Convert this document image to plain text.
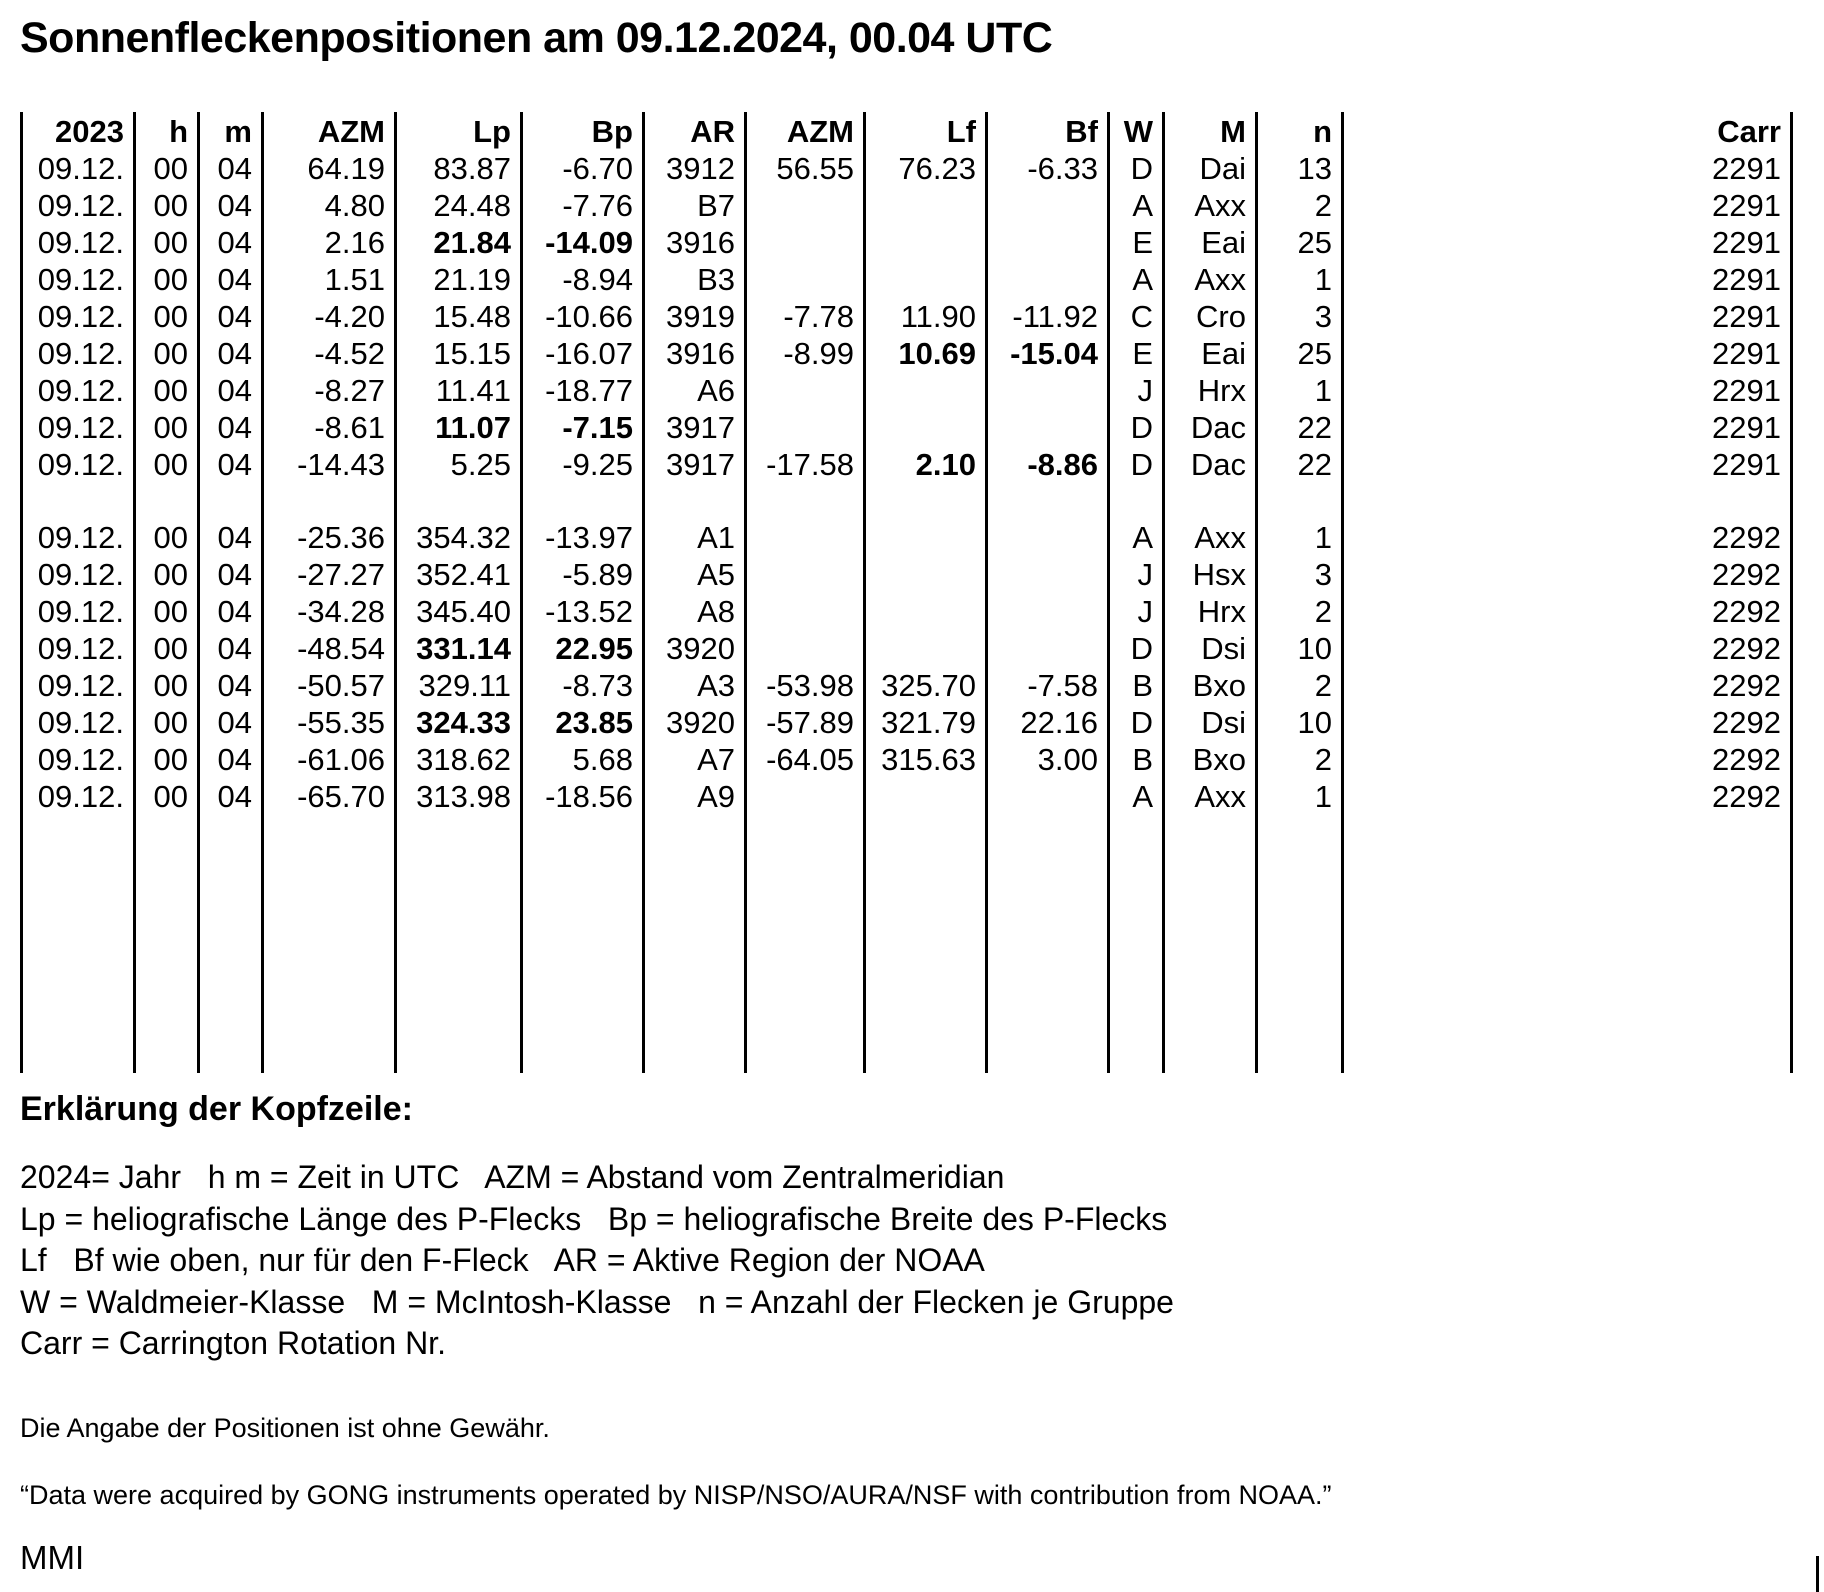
Sonnenfleckenpositionen am 09.12.2024, 00.04 UTC
2023	h	m	AZM	Lp	Bp	AR	AZM	Lf	Bf	W	M	n	Carr
09.12.	00	04	64.19	83.87	-6.70	3912	56.55	76.23	-6.33	D	Dai	13	2291
09.12.	00	04	4.80	24.48	-7.76	B7				A	Axx	2	2291
09.12.	00	04	2.16	21.84	-14.09	3916				E	Eai	25	2291
09.12.	00	04	1.51	21.19	-8.94	B3				A	Axx	1	2291
09.12.	00	04	-4.20	15.48	-10.66	3919	-7.78	11.90	-11.92	C	Cro	3	2291
09.12.	00	04	-4.52	15.15	-16.07	3916	-8.99	10.69	-15.04	E	Eai	25	2291
09.12.	00	04	-8.27	11.41	-18.77	A6				J	Hrx	1	2291
09.12.	00	04	-8.61	11.07	-7.15	3917				D	Dac	22	2291
09.12.	00	04	-14.43	5.25	-9.25	3917	-17.58	2.10	-8.86	D	Dac	22	2291

09.12.	00	04	-25.36	354.32	-13.97	A1				A	Axx	1	2292
09.12.	00	04	-27.27	352.41	-5.89	A5				J	Hsx	3	2292
09.12.	00	04	-34.28	345.40	-13.52	A8				J	Hrx	2	2292
09.12.	00	04	-48.54	331.14	22.95	3920				D	Dsi	10	2292
09.12.	00	04	-50.57	329.11	-8.73	A3	-53.98	325.70	-7.58	B	Bxo	2	2292
09.12.	00	04	-55.35	324.33	23.85	3920	-57.89	321.79	22.16	D	Dsi	10	2292
09.12.	00	04	-61.06	318.62	5.68	A7	-64.05	315.63	3.00	B	Bxo	2	2292
09.12.	00	04	-65.70	313.98	-18.56	A9				A	Axx	1	2292

Erklärung der Kopfzeile:
2024= Jahr   h m = Zeit in UTC   AZM = Abstand vom Zentralmeridian
Lp = heliografische Länge des P-Flecks   Bp = heliografische Breite des P-Flecks
Lf   Bf wie oben, nur für den F-Fleck   AR = Aktive Region der NOAA
W = Waldmeier-Klasse   M = McIntosh-Klasse   n = Anzahl der Flecken je Gruppe
Carr = Carrington Rotation Nr.
Die Angabe der Positionen ist ohne Gewähr.
“Data were acquired by GONG instruments operated by NISP/NSO/AURA/NSF with contribution from NOAA.”
MMI
